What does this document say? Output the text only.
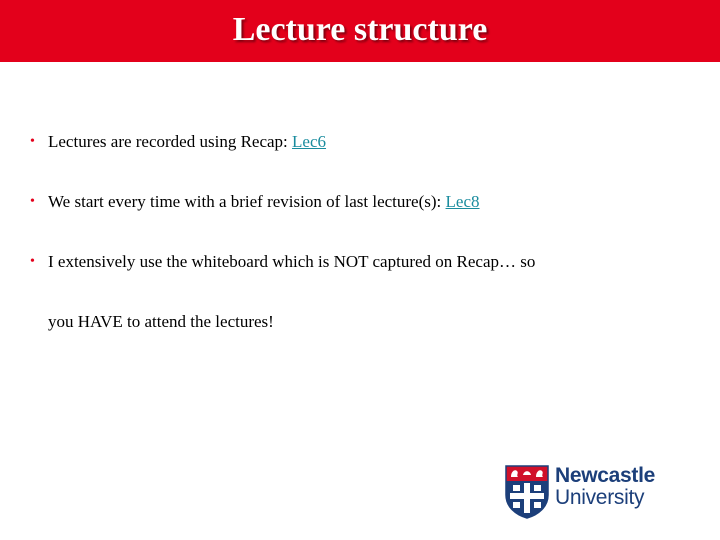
Lecture structure
• Lectures are recorded using Recap: Lec6
• We start every time with a brief revision of last lecture(s): Lec8
• I extensively use the whiteboard which is NOT captured on Recap… so
you HAVE to attend the lectures!
Newcastle
University
